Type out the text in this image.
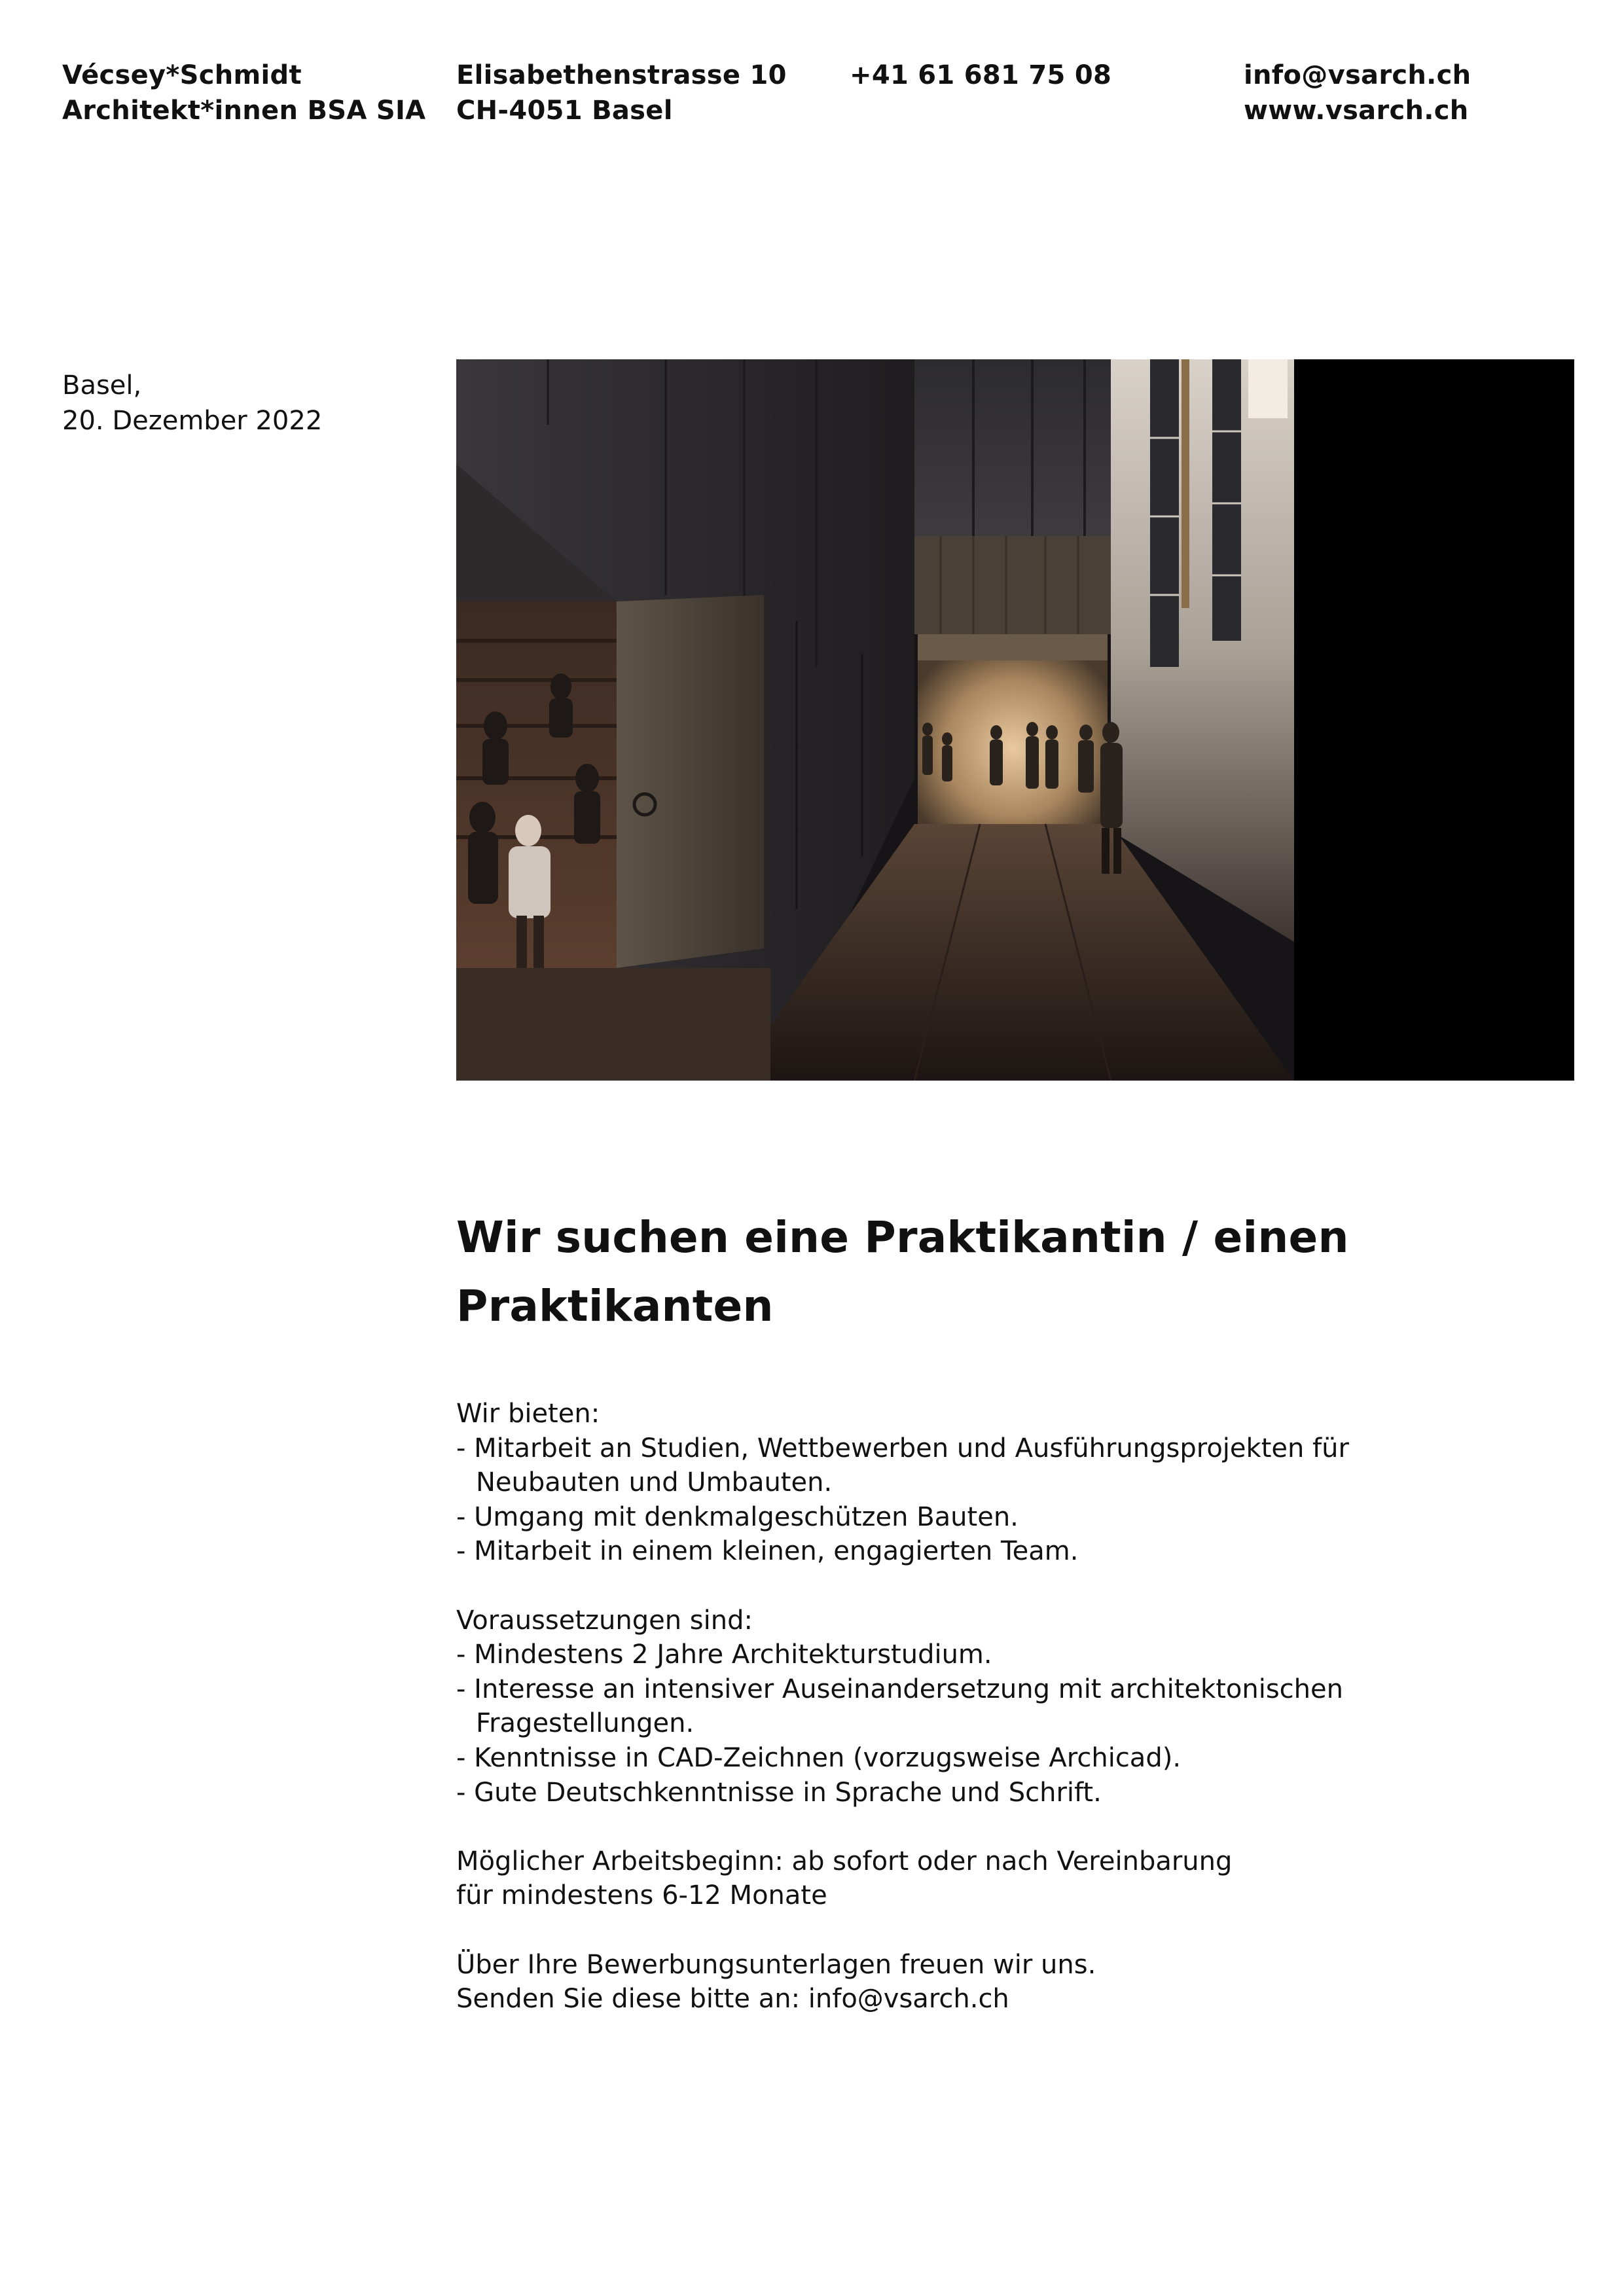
Vécsey*Schmidt
Architekt*innen BSA SIA
Elisabethenstrasse 10
CH-4051 Basel
+41 61 681 75 08	info@vsarch.ch
www.vsarch.ch
Basel,
20. Dezember 2022
Wir suchen eine Praktikantin / einen Praktikanten
Wir bieten:
- Mitarbeit an Studien, Wettbewerben und Ausführungsprojekten für
Neubauten und Umbauten.
- Umgang mit denkmalgeschützen Bauten.
- Mitarbeit in einem kleinen, engagierten Team.
Voraussetzungen sind:
- Mindestens 2 Jahre Architekturstudium.
- Interesse an intensiver Auseinandersetzung mit architektonischen
Fragestellungen.
- Kenntnisse in CAD-Zeichnen (vorzugsweise Archicad).
- Gute Deutschkenntnisse in Sprache und Schrift.
Möglicher Arbeitsbeginn: ab sofort oder nach Vereinbarung
für mindestens 6-12 Monate
Über Ihre Bewerbungsunterlagen freuen wir uns.
Senden Sie diese bitte an: info@vsarch.ch
